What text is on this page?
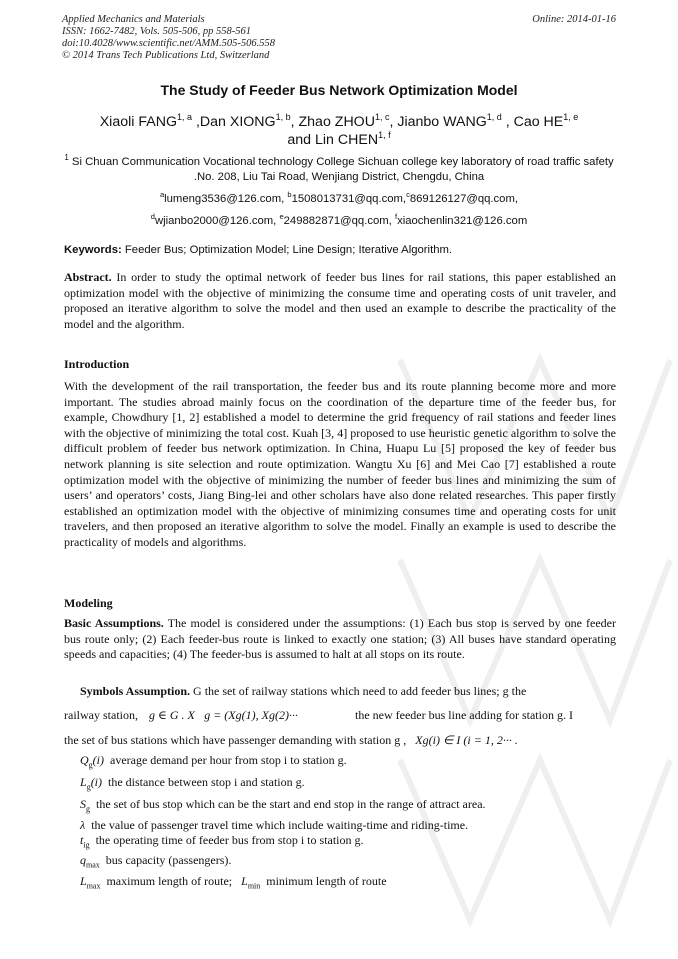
Applied Mechanics and Materials
ISSN: 1662-7482, Vols. 505-506, pp 558-561
doi:10.4028/www.scientific.net/AMM.505-506.558
© 2014 Trans Tech Publications Ltd, Switzerland
Online: 2014-01-16
The Study of Feeder Bus Network Optimization Model
Xiaoli FANG$^{1, a}$ ,Dan XIONG$^{1, b}$, Zhao ZHOU$^{1, c}$, Jianbo WANG$^{1, d}$ , Cao HE$^{1, e}$
and Lin CHEN$^{1, f}$
$^1$ Si Chuan Communication Vocational technology College Sichuan college key laboratory of road traffic safety .No. 208, Liu Tai Road, Wenjiang District, Chengdu, China
$^a$lumeng3536@126.com, $^b$1508013731@qq.com,$^c$869126127@qq.com,
$^d$wjianbo2000@126.com, $^e$249882871@qq.com, $^f$xiaochenlin321@126.com
Keywords: Feeder Bus; Optimization Model; Line Design; Iterative Algorithm.
Abstract. In order to study the optimal network of feeder bus lines for rail stations, this paper established an optimization model with the objective of minimizing the consume time and operating costs of unit traveler, and proposed an iterative algorithm to solve the model and then used an example to describe the practicality of the model and the algorithm.
Introduction
With the development of the rail transportation, the feeder bus and its route planning become more and more important. The studies abroad mainly focus on the coordination of the departure time of the feeder bus, for example, Chowdhury [1, 2] established a model to determine the grid frequency of rail stations and feeder lines with the objective of minimizing the total cost. Kuah [3, 4] proposed to use heuristic genetic algorithm to solve the difficult problem of feeder bus network optimization. In China, Huapu Lu [5] proposed the key of feeder bus network planning is site selection and route optimization. Wangtu Xu [6] and Mei Cao [7] established a route optimization model with the objective of minimizing the number of feeder bus lines and minimizing the sum of users’ and operators’ costs, Jiang Bing-lei and other scholars have also done related researches. This paper firstly established an optimization model with the objective of minimizing consumes time and operating costs for unit travelers, and then proposed an iterative algorithm to solve the model. Finally an example is used to describe the practicality of models and algorithms.
Modeling
Basic Assumptions. The model is considered under the assumptions: (1) Each bus stop is served by one feeder bus route only; (2) Each feeder-bus route is linked to exactly one station; (3) All buses have standard operating speeds and capacities; (4) The feeder-bus is assumed to halt at all stops on its route.
Symbols Assumption. G the set of railway stations which need to add feeder bus lines; g the
railway station, g ∈ G . X⃗g = (Xg(1), Xg(2)···	the new feeder bus line adding for station g. I
the set of bus stations which have passenger demanding with station g , Xg(i) ∈ I (i = 1, 2··· .
$Q_g(i)$ average demand per hour from stop i to station g.
$L_g(i)$ the distance between stop i and station g.
$S_g$ the set of bus stop which can be the start and end stop in the range of attract area.
λ the value of passenger travel time which include waiting-time and riding-time.
$t_{ig}$ the operating time of feeder bus from stop i to station g.
$q_{max}$ bus capacity (passengers).
$L_{max}$ maximum length of route; $L_{min}$ minimum length of route
